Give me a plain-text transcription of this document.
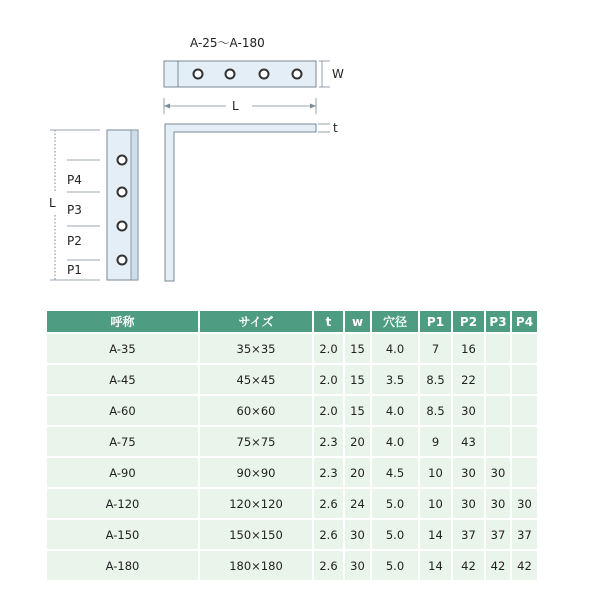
A-25～A-180
W
L
t
L
P4
P3
P2
P1
呼称	サイズ	t	w	穴径	P1	P2	P3	P4
A-35	35×35	2.0	15	4.0	7	16		
A-45	45×45	2.0	15	3.5	8.5	22		
A-60	60×60	2.0	15	4.0	8.5	30		
A-75	75×75	2.3	20	4.0	9	43		
A-90	90×90	2.3	20	4.5	10	30	30	
A-120	120×120	2.6	24	5.0	10	30	30	30
A-150	150×150	2.6	30	5.0	14	37	37	37
A-180	180×180	2.6	30	5.0	14	42	42	42
